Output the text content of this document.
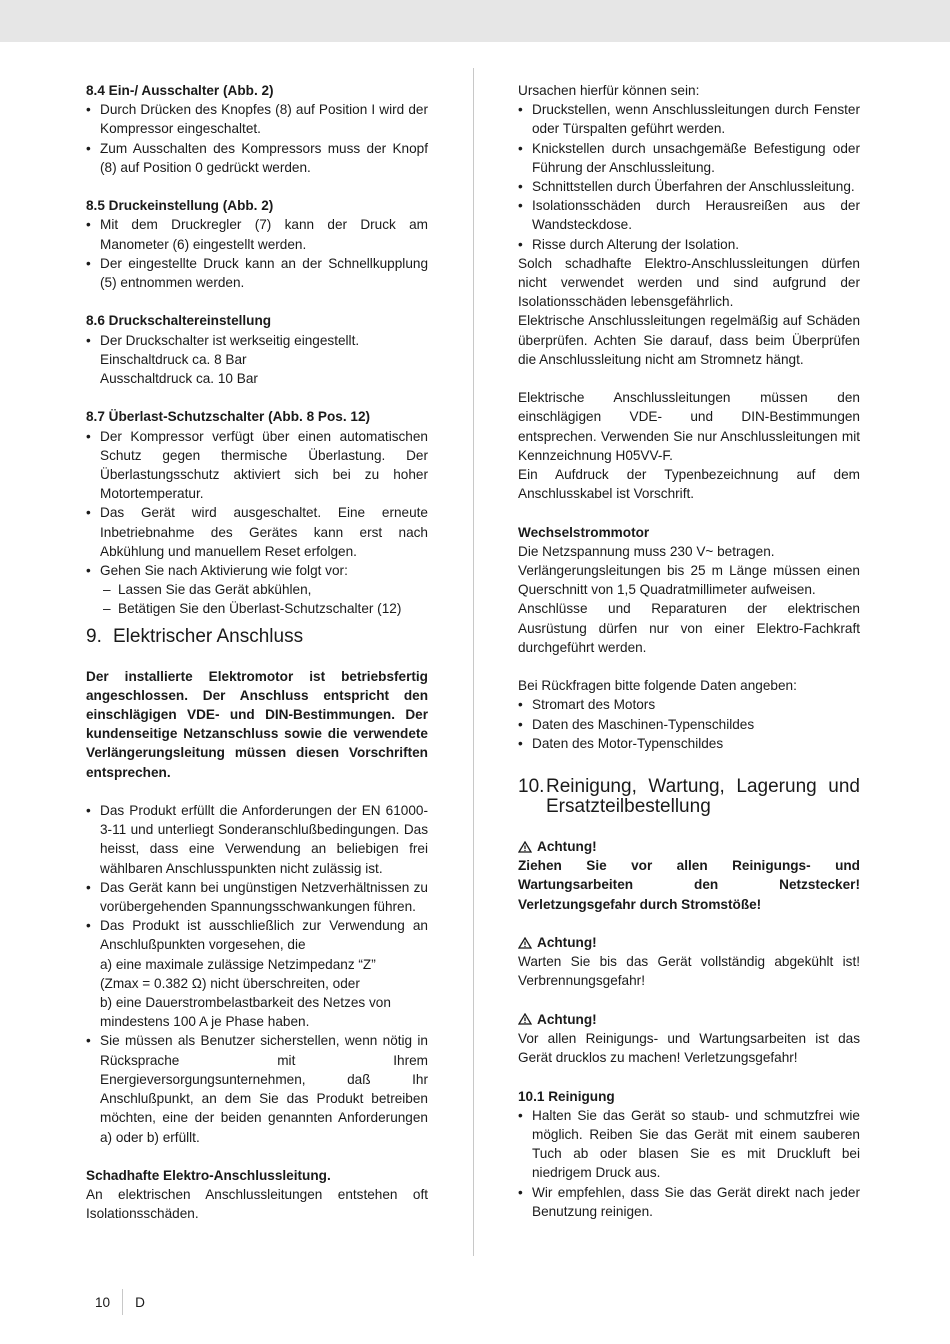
8.4 Ein-/ Ausschalter (Abb. 2)
• Durch Drücken des Knopfes (8) auf Position I wird der Kompressor eingeschaltet.
• Zum Ausschalten des Kompressors muss der Knopf (8) auf Position 0 gedrückt werden.
8.5 Druckeinstellung (Abb. 2)
• Mit dem Druckregler (7) kann der Druck am Manometer (6) eingestellt werden.
• Der eingestellte Druck kann an der Schnellkupplung (5) entnommen werden.
8.6 Druckschaltereinstellung
• Der Druckschalter ist werkseitig eingestellt.
Einschaltdruck ca. 8 Bar
Ausschaltdruck ca. 10 Bar
8.7 Überlast-Schutzschalter (Abb. 8 Pos. 12)
• Der Kompressor verfügt über einen automatischen Schutz gegen thermische Überlastung. Der Überlastungsschutz aktiviert sich bei zu hoher Motortemperatur.
• Das Gerät wird ausgeschaltet. Eine erneute Inbetriebnahme des Gerätes kann erst nach Abkühlung und manuellem Reset erfolgen.
• Gehen Sie nach Aktivierung wie folgt vor:
– Lassen Sie das Gerät abkühlen,
– Betätigen Sie den Überlast-Schutzschalter (12)
9. Elektrischer Anschluss

Der installierte Elektromotor ist betriebsfertig angeschlossen. Der Anschluss entspricht den einschlägigen VDE- und DIN-Bestimmungen. Der kundenseitige Netzanschluss sowie die verwendete Verlängerungsleitung müssen diesen Vorschriften entsprechen.

• Das Produkt erfüllt die Anforderungen der EN 61000-3-11 und unterliegt Sonderanschlußbedingungen. Das heisst, dass eine Verwendung an beliebigen frei wählbaren Anschlusspunkten nicht zulässig ist.
• Das Gerät kann bei ungünstigen Netzverhältnissen zu vorübergehenden Spannungsschwankungen führen.
• Das Produkt ist ausschließlich zur Verwendung an Anschlußpunkten vorgesehen, die
a) eine maximale zulässige Netzimpedanz “Z”
(Zmax = 0.382 Ω) nicht überschreiten, oder
b) eine Dauerstrombelastbarkeit des Netzes von
mindestens 100 A je Phase haben.
• Sie müssen als Benutzer sicherstellen, wenn nötig in Rücksprache mit Ihrem Energieversorgungsunternehmen, daß Ihr Anschlußpunkt, an dem Sie das Produkt betreiben möchten, eine der beiden genannten Anforderungen a) oder b) erfüllt.
Schadhafte Elektro-Anschlussleitung.

An elektrischen Anschlussleitungen entstehen oft Isolationsschäden.

Ursachen hierfür können sein:

• Druckstellen, wenn Anschlussleitungen durch Fenster oder Türspalten geführt werden.
• Knickstellen durch unsachgemäße Befestigung oder Führung der Anschlussleitung.
• Schnittstellen durch Überfahren der Anschlussleitung.
• Isolationsschäden durch Herausreißen aus der Wandsteckdose.
• Risse durch Alterung der Isolation.

Solch schadhafte Elektro-Anschlussleitungen dürfen nicht verwendet werden und sind aufgrund der Isolationsschäden lebensgefährlich.

Elektrische Anschlussleitungen regelmäßig auf Schäden überprüfen. Achten Sie darauf, dass beim Überprüfen die Anschlussleitung nicht am Stromnetz hängt.

Elektrische Anschlussleitungen müssen den einschlägigen VDE- und DIN-Bestimmungen entsprechen. Verwenden Sie nur Anschlussleitungen mit Kennzeichnung H05VV-F.

Ein Aufdruck der Typenbezeichnung auf dem Anschlusskabel ist Vorschrift.

Wechselstrommotor

Die Netzspannung muss 230 V~ betragen.

Verlängerungsleitungen bis 25 m Länge müssen einen Querschnitt von 1,5 Quadratmillimeter aufweisen.

Anschlüsse und Reparaturen der elektrischen Ausrüstung dürfen nur von einer Elektro-Fachkraft durchgeführt werden.

Bei Rückfragen bitte folgende Daten angeben:

• Stromart des Motors
• Daten des Maschinen-Typenschildes
• Daten des Motor-Typenschildes
10. Reinigung, Wartung, Lagerung und Ersatzteilbestellung
Achtung!

Ziehen Sie vor allen Reinigungs- und Wartungsarbeiten den Netzstecker! Verletzungsgefahr durch Stromstöße!

Achtung!

Warten Sie bis das Gerät vollständig abgekühlt ist! Verbrennungsgefahr!

Achtung!

Vor allen Reinigungs- und Wartungsarbeiten ist das Gerät drucklos zu machen! Verletzungsgefahr!

10.1 Reinigung
• Halten Sie das Gerät so staub- und schmutzfrei wie möglich. Reiben Sie das Gerät mit einem sauberen Tuch ab oder blasen Sie es mit Druckluft bei niedrigem Druck aus.
• Wir empfehlen, dass Sie das Gerät direkt nach jeder Benutzung reinigen.
10 D
